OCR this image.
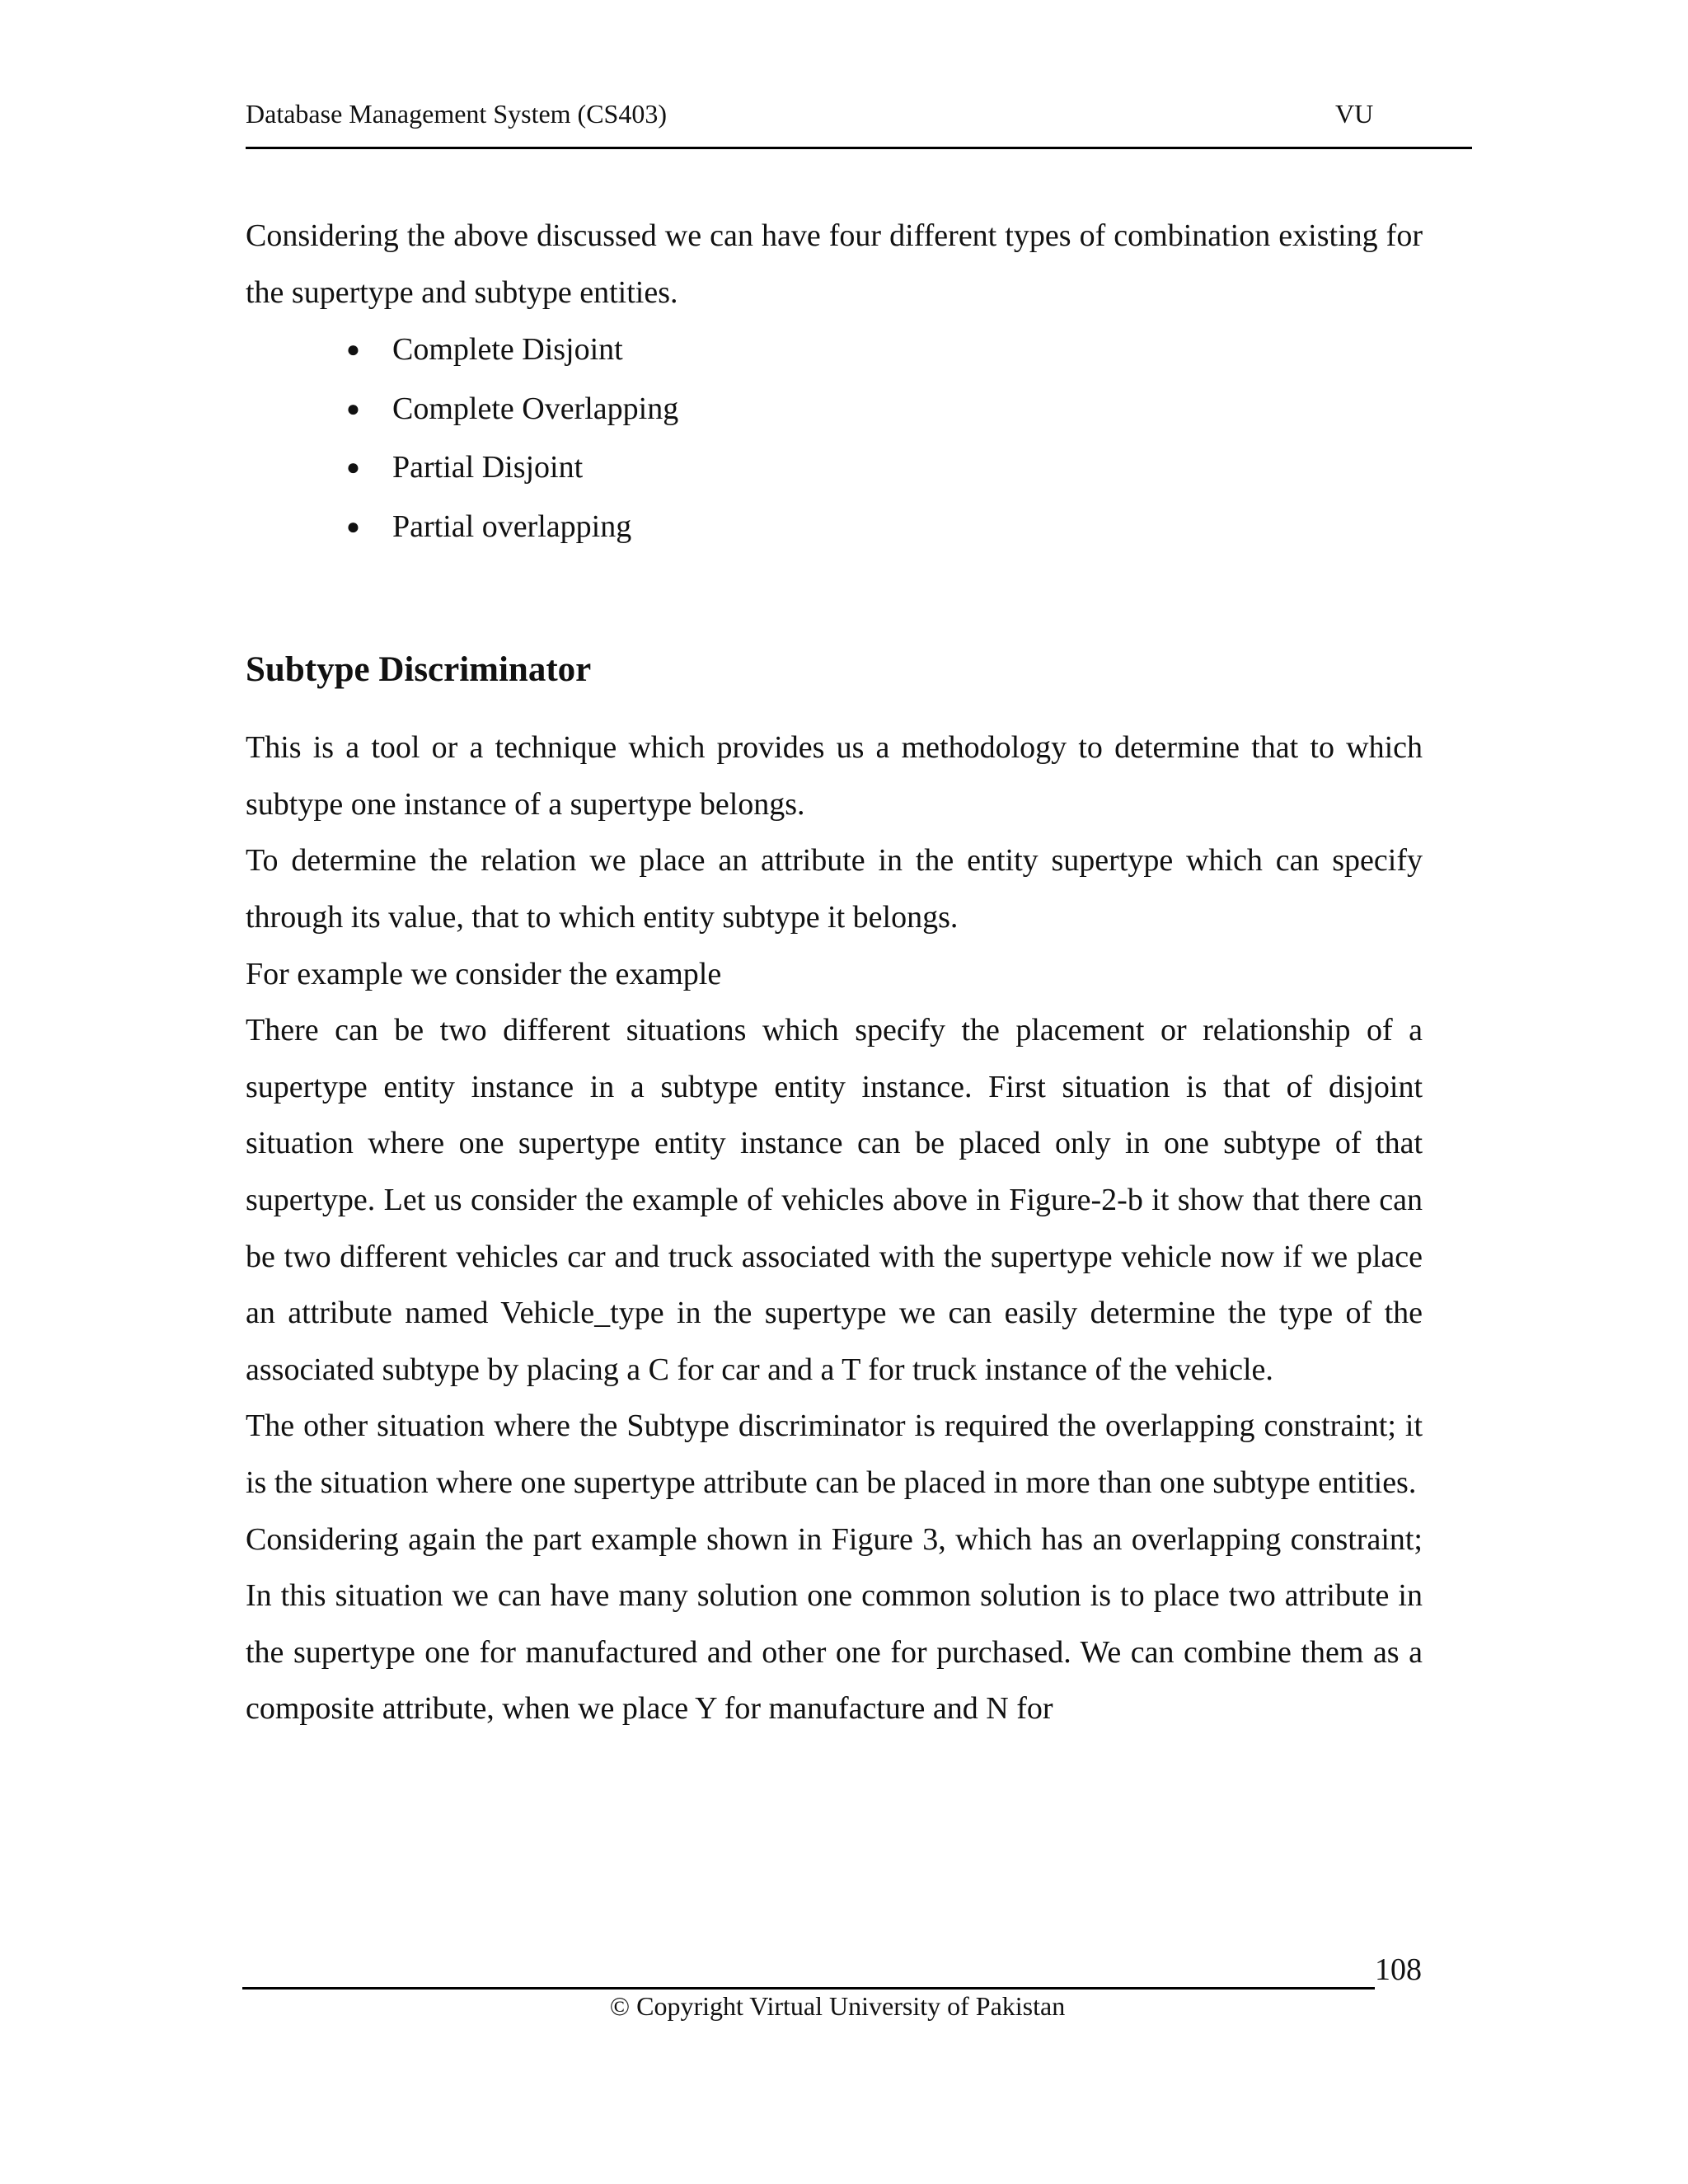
Database Management System (CS403)	VU

Considering the above discussed we can have four different types of combination existing for the supertype and subtype entities.

● Complete Disjoint
● Complete Overlapping
● Partial Disjoint
● Partial overlapping
Subtype Discriminator

This is a tool or a technique which provides us a methodology to determine that to which subtype one instance of a supertype belongs.

To determine the relation we place an attribute in the entity supertype which can specify through its value, that to which entity subtype it belongs.

For example we consider the example

There can be two different situations which specify the placement or relationship of a supertype entity instance in a subtype entity instance. First situation is that of disjoint situation where one supertype entity instance can be placed only in one subtype of that supertype. Let us consider the example of vehicles above in Figure-2-b it show that there can be two different vehicles car and truck associated with the supertype vehicle now if we place an attribute named Vehicle_type in the supertype we can easily determine the type of the associated subtype by placing a C for car and a T for truck instance of the vehicle.

The other situation where the Subtype discriminator is required the overlapping constraint; it is the situation where one supertype attribute can be placed in more than one subtype entities.

Considering again the part example shown in Figure 3, which has an overlapping constraint; In this situation we can have many solution one common solution is to place two attribute in the supertype one for manufactured and other one for purchased. We can combine them as a composite attribute, when we place Y for manufacture and N for

108
© Copyright Virtual University of Pakistan
